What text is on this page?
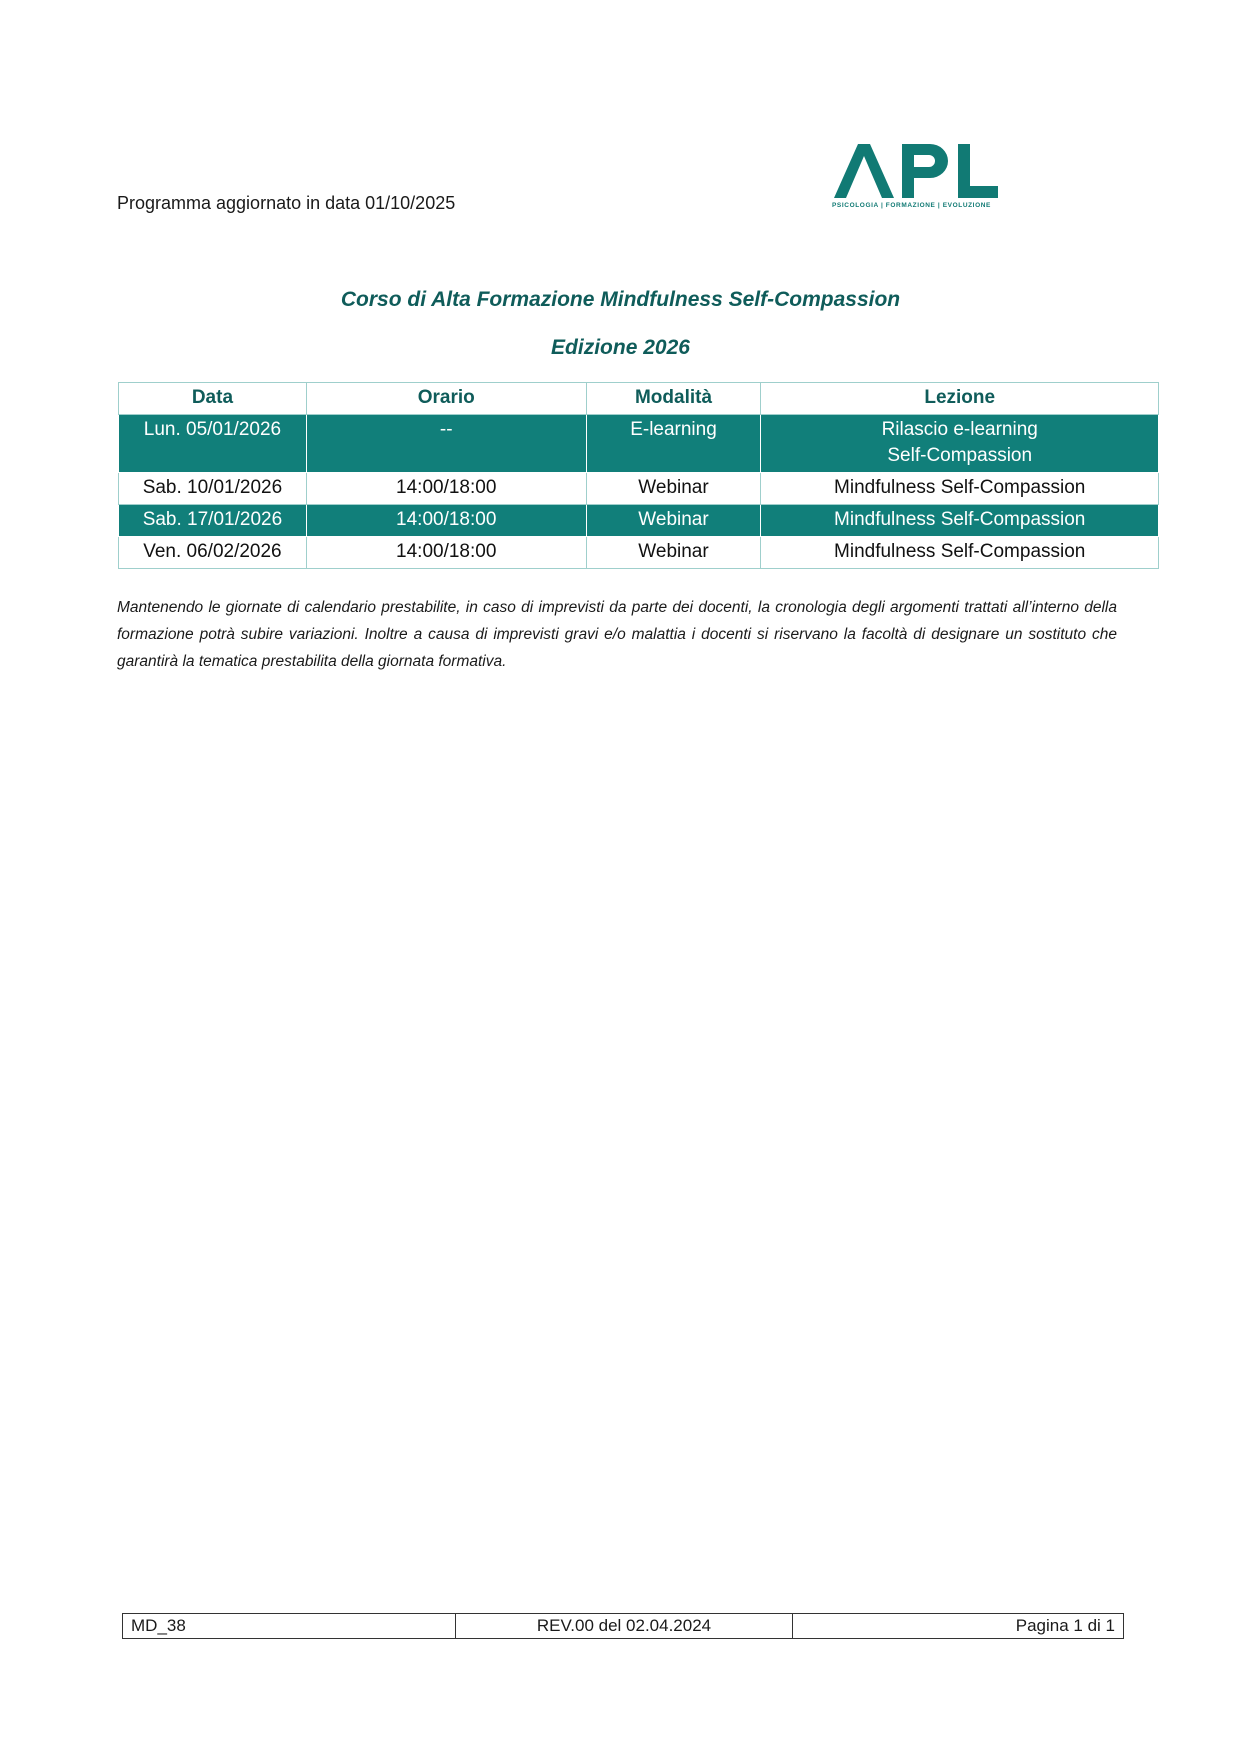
Programma aggiornato in data 01/10/2025	PSICOLOGIA | FORMAZIONE | EVOLUZIONE
Corso di Alta Formazione Mindfulness Self-Compassion
Edizione 2026
Data	Orario	Modalità	Lezione
Lun. 05/01/2026	--	E-learning	Rilascio e-learning
Self-Compassion

Sab. 10/01/2026	14:00/18:00	Webinar	Mindfulness Self-Compassion
Sab. 17/01/2026	14:00/18:00	Webinar	Mindfulness Self-Compassion
Ven. 06/02/2026	14:00/18:00	Webinar	Mindfulness Self-Compassion
Mantenendo le giornate di calendario prestabilite, in caso di imprevisti da parte dei docenti, la cronologia degli argomenti trattati all’interno della formazione potrà subire variazioni. Inoltre a causa di imprevisti gravi e/o malattia i docenti si riservano la facoltà di designare un sostituto che garantirà la tematica prestabilita della giornata formativa.
MD_38	REV.00 del 02.04.2024	Pagina 1 di 1
